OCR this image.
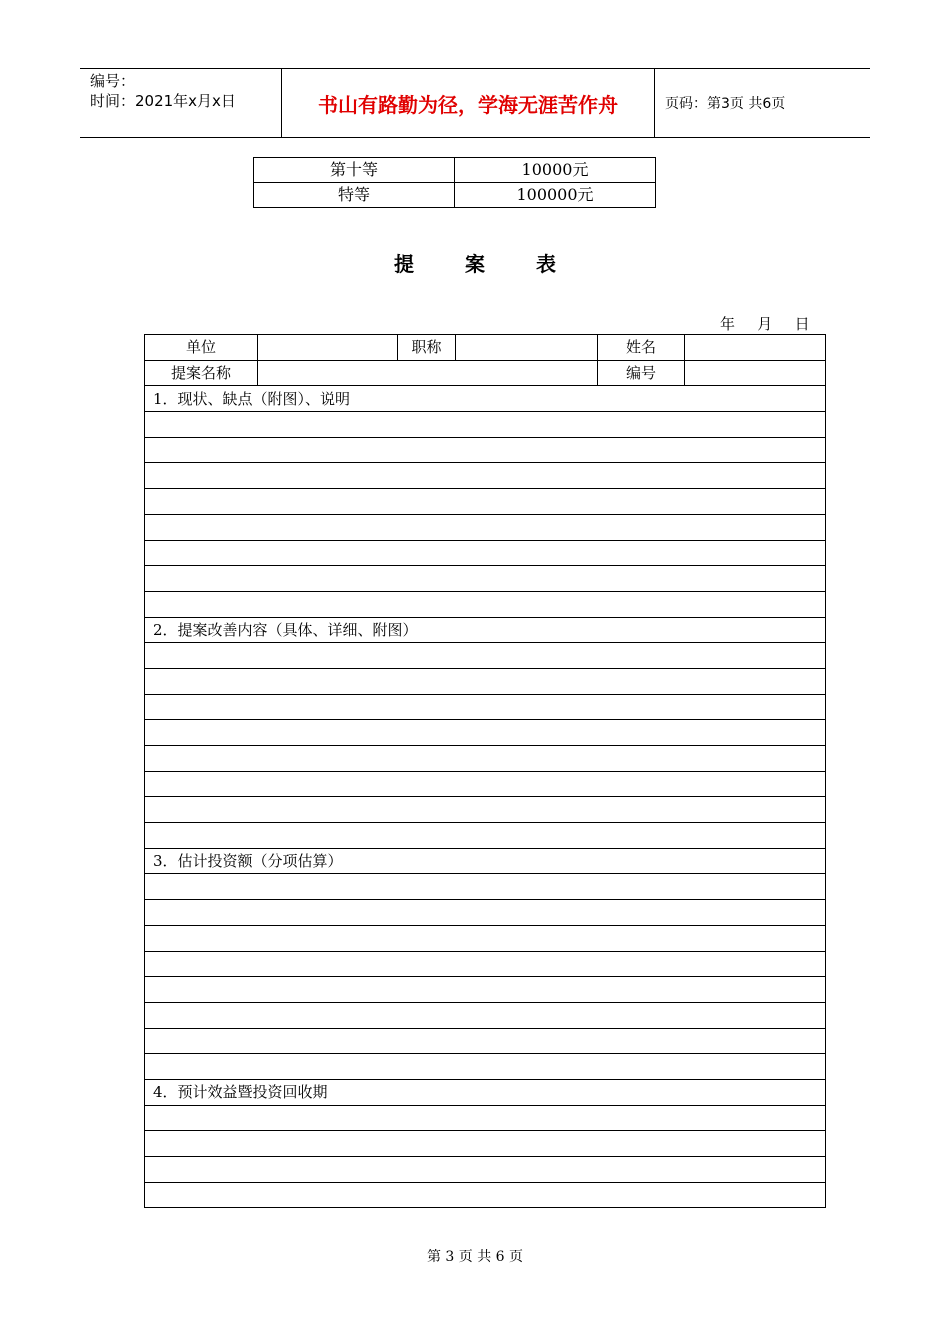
编号：
时间：2021年x月x日	书山有路勤为径，学海无涯苦作舟	页码：第3页 共6页
第十等	10000元
特等	100000元
提 案 表
年   月   日
单位		职称		姓名	
提案名称				编号	
1．现状、缺点（附图）、说明					

2．提案改善内容（具体、详细、附图）					

3．估计投资额（分项估算）					

4．预计效益暨投资回收期					

第 3 页 共 6 页
